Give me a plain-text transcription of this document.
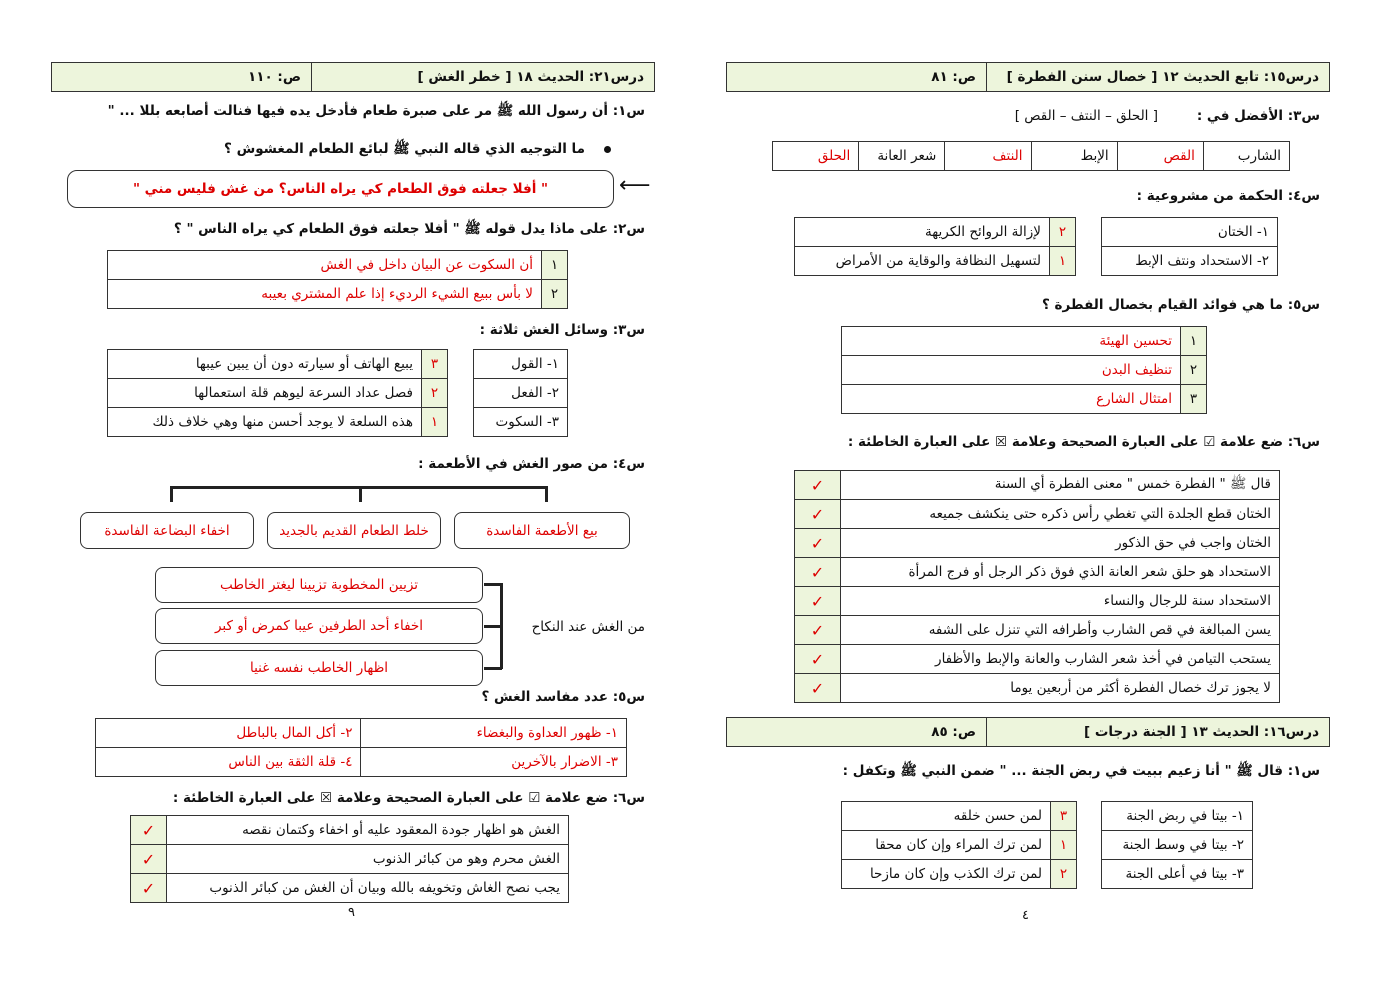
درس١٥: تابع الحديث ١٢ [ خصال سنن الفطرة ]
ص: ٨١
س٣: الأفضل في :
[ الحلق – النتف – القص ]
الشارب	القص	الإبط	النتف	شعر العانة	الحلق
س٤: الحكمة من مشروعية :
١- الختان
٢- الاستحداد ونتف الإبط
٢	لإزالة الروائح الكريهة
١	لتسهيل النظافة والوقاية من الأمراض
س٥: ما هي فوائد القيام بخصال الفطرة ؟
١	تحسين الهيئة
٢	تنظيف البدن
٣	امتثال الشارع
س٦: ضع علامة ☑ على العبارة الصحيحة وعلامة ☒ على العبارة الخاطئة :
قال ﷺ " الفطرة خمس " معنى الفطرة أي السنة	✓
الختان قطع الجلدة التي تغطي رأس ذكره حتى ينكشف جميعه	✓
الختان واجب في حق الذكور	✓
الاستحداد هو حلق شعر العانة الذي فوق ذكر الرجل أو فرج المرأة	✓
الاستحداد سنة للرجال والنساء	✓
يسن المبالغة في قص الشارب وأطرافه التي تنزل على الشفه	✓
يستحب التيامن في أخذ شعر الشارب والعانة والإبط والأظفار	✓
لا يجوز ترك خصال الفطرة أكثر من أربعين يوما	✓
درس١٦: الحديث ١٣ [ الجنة درجات ]
ص: ٨٥
س١: قال ﷺ " أنا زعيم ببيت في ربض الجنة ... " ضمن النبي ﷺ وتكفل :
١- بيتا في ربض الجنة
٢- بيتا في وسط الجنة
٣- بيتا في أعلى الجنة
٣	لمن حسن خلقه
١	لمن ترك المراء وإن كان محقا
٢	لمن ترك الكذب وإن كان مازحا
٤
درس٢١: الحديث ١٨ [ خطر الغش ]
ص: ١١٠
س١: أن رسول الله ﷺ مر على صبرة طعام فأدخل يده فيها فنالت أصابعه بللا ... "
ما التوجيه الذي قاله النبي ﷺ لبائع الطعام المغشوش ؟
" أفلا جعلته فوق الطعام كي يراه الناس؟ من غش فليس مني "	⟵
س٢: على ماذا يدل قوله ﷺ " أفلا جعلته فوق الطعام كي يراه الناس " ؟
١	أن السكوت عن البيان داخل في الغش
٢	لا بأس ببيع الشيء الرديء إذا علم المشتري بعيبه
س٣: وسائل الغش ثلاثة :
١- القول
٢- الفعل
٣- السكوت
٣	يبيع الهاتف أو سيارته دون أن يبين عيبها
٢	فصل عداد السرعة ليوهم قلة استعمالها
١	هذه السلعة لا يوجد أحسن منها وهي خلاف ذلك
س٤: من صور الغش في الأطعمة :
بيع الأطعمة الفاسدة
خلط الطعام القديم بالجديد
اخفاء البضاعة الفاسدة
من الغش عند النكاح
تزيين المخطوبة تزيينا ليغتر الخاطب
اخفاء أحد الطرفين عيبا كمرض أو كبر
اظهار الخاطب نفسه غنيا
س٥: عدد مفاسد الغش ؟
١- ظهور العداوة والبغضاء	٢- أكل المال بالباطل
٣- الاضرار بالآخرين	٤- قلة الثقة بين الناس
س٦: ضع علامة ☑ على العبارة الصحيحة وعلامة ☒ على العبارة الخاطئة :
الغش هو اظهار جودة المعقود عليه أو اخفاء وكتمان نقصه	✓
الغش محرم وهو من كبائر الذنوب	✓
يجب نصح الغاش وتخويفه بالله وبيان أن الغش من كبائر الذنوب	✓
٩
